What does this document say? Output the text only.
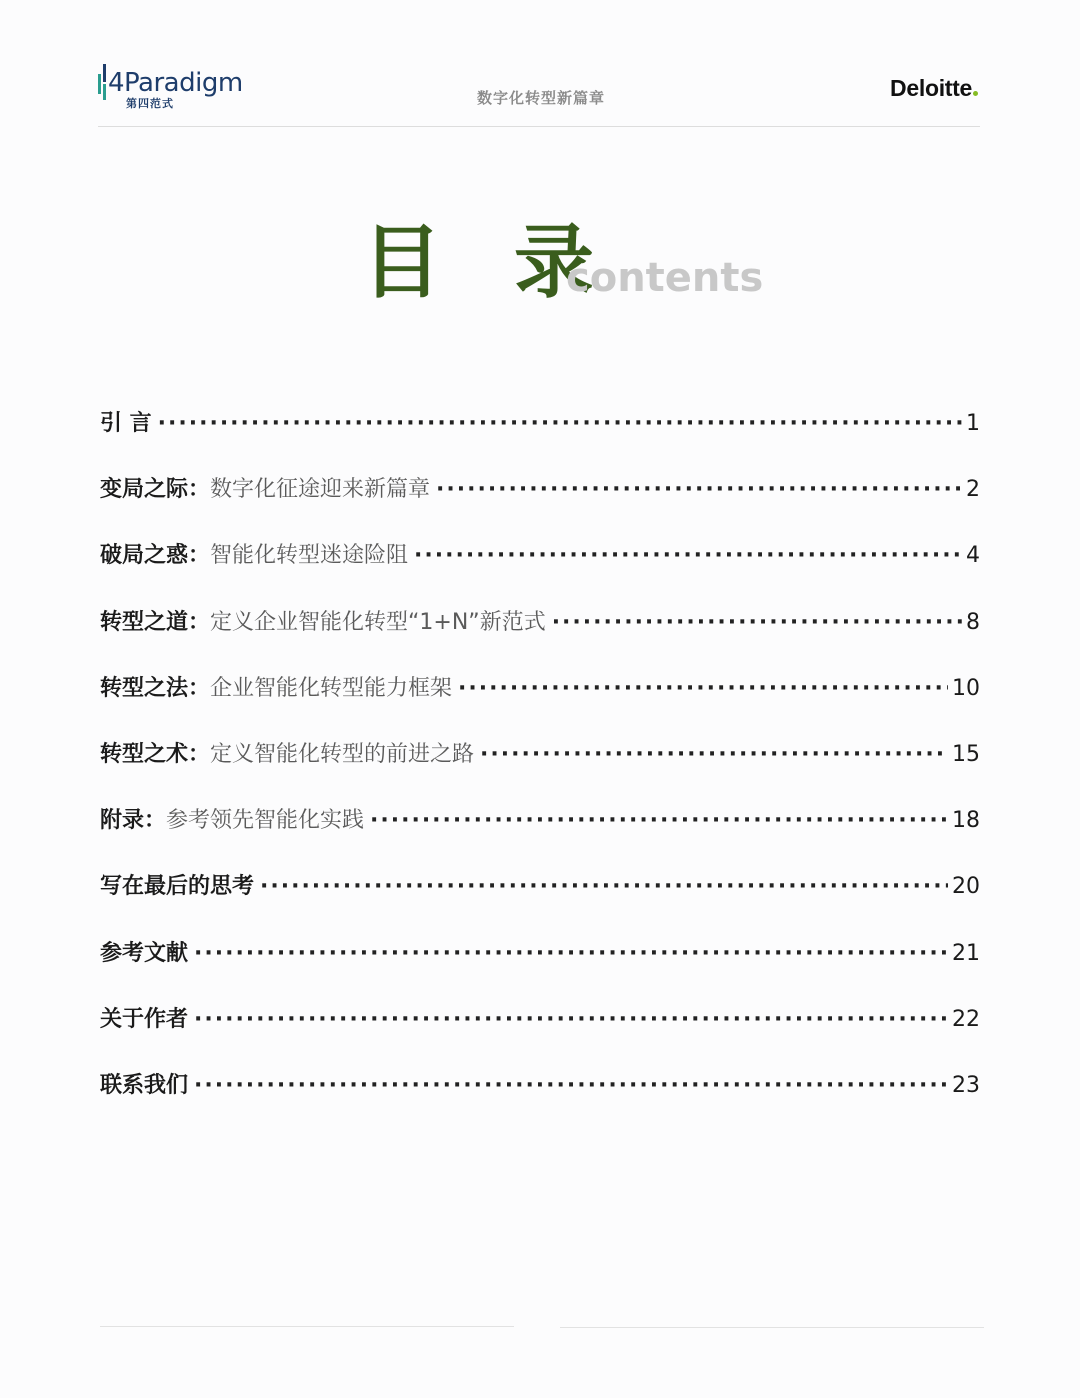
4Paradigm
第四范式	数字化转型新篇章	Deloitte
目 录
contents
引 言 ·····	1
变局之际： 数字化征途迎来新篇章 ·····	2
破局之惑： 智能化转型迷途险阻 ·····	4
转型之道： 定义企业智能化转型“1+N”新范式 ·····	8
转型之法： 企业智能化转型能力框架 ·····	10
转型之术： 定义智能化转型的前进之路 ·····	15
附录： 参考领先智能化实践 ·····	18
写在最后的思考 ·····	20
参考文献 ·····	21
关于作者 ·····	22
联系我们 ·····	23
